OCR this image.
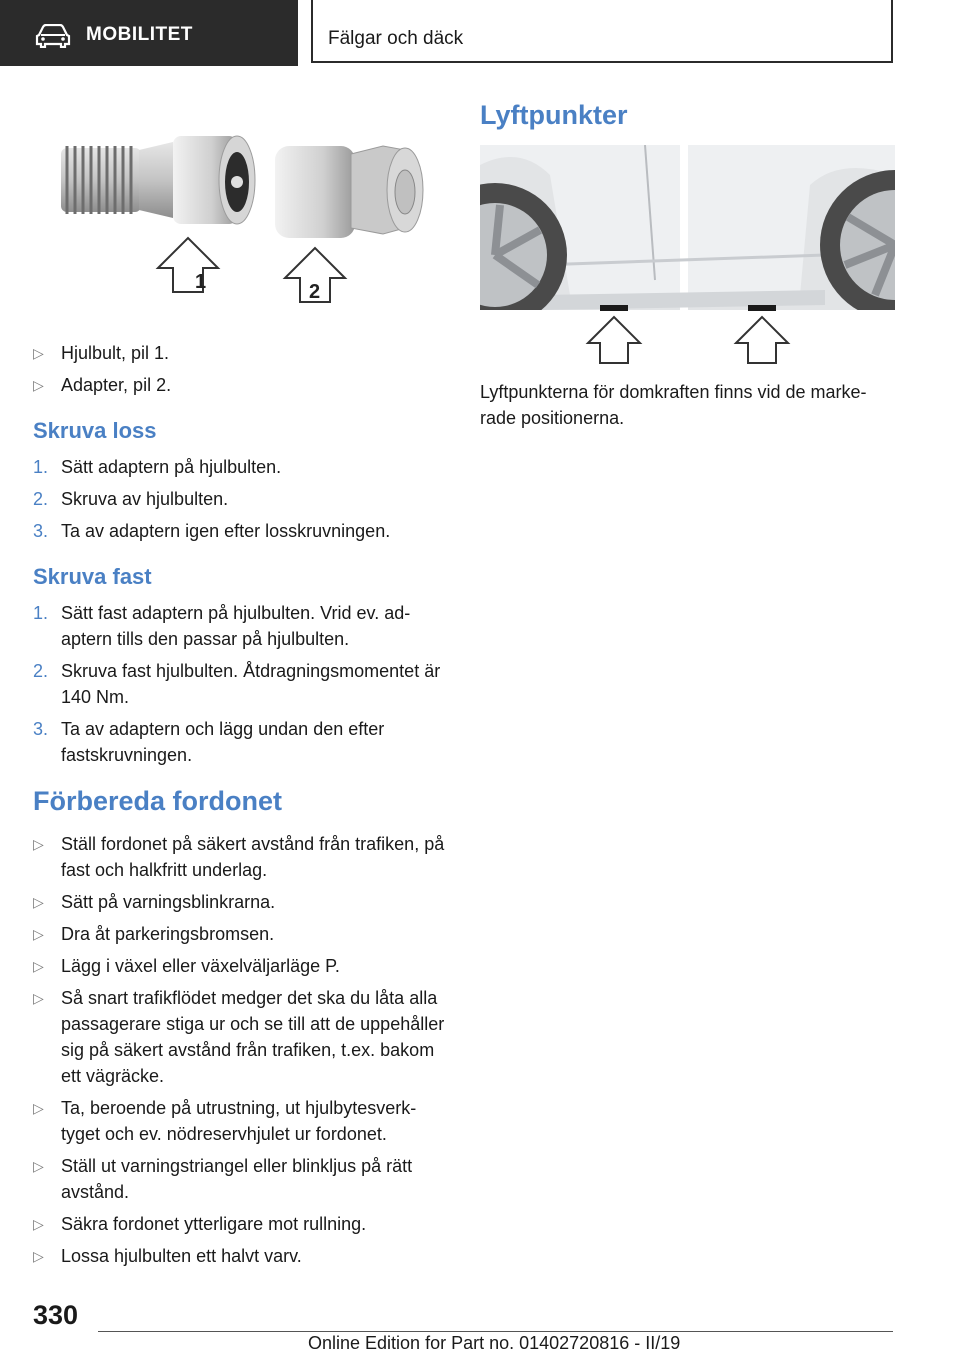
MOBILITET	Fälgar och däck
1	2
▷ Hjulbult, pil 1.
▷ Adapter, pil 2.
Skruva loss
1. Sätt adaptern på hjulbulten.
2. Skruva av hjulbulten.
3. Ta av adaptern igen efter losskruvningen.
Skruva fast
1. Sätt fast adaptern på hjulbulten. Vrid ev. ad-aptern tills den passar på hjulbulten.
2. Skruva fast hjulbulten. Åtdragningsmomentet är 140 Nm.
3. Ta av adaptern och lägg undan den efter fastskruvningen.
Förbereda fordonet
▷ Ställ fordonet på säkert avstånd från trafiken, på fast och halkfritt underlag.
▷ Sätt på varningsblinkrarna.
▷ Dra åt parkeringsbromsen.
▷ Lägg i växel eller växelväljarläge P.
▷ Så snart trafikflödet medger det ska du låta alla passagerare stiga ur och se till att de uppehåller sig på säkert avstånd från trafiken, t.ex. bakom ett vägräcke.
▷ Ta, beroende på utrustning, ut hjulbytesverk-tyget och ev. nödreservhjulet ur fordonet.
▷ Ställ ut varningstriangel eller blinkljus på rätt avstånd.
▷ Säkra fordonet ytterligare mot rullning.
▷ Lossa hjulbulten ett halvt varv.
Lyftpunkter
Lyftpunkterna för domkraften finns vid de marke-rade positionerna.
330
Online Edition for Part no. 01402720816 - II/19
